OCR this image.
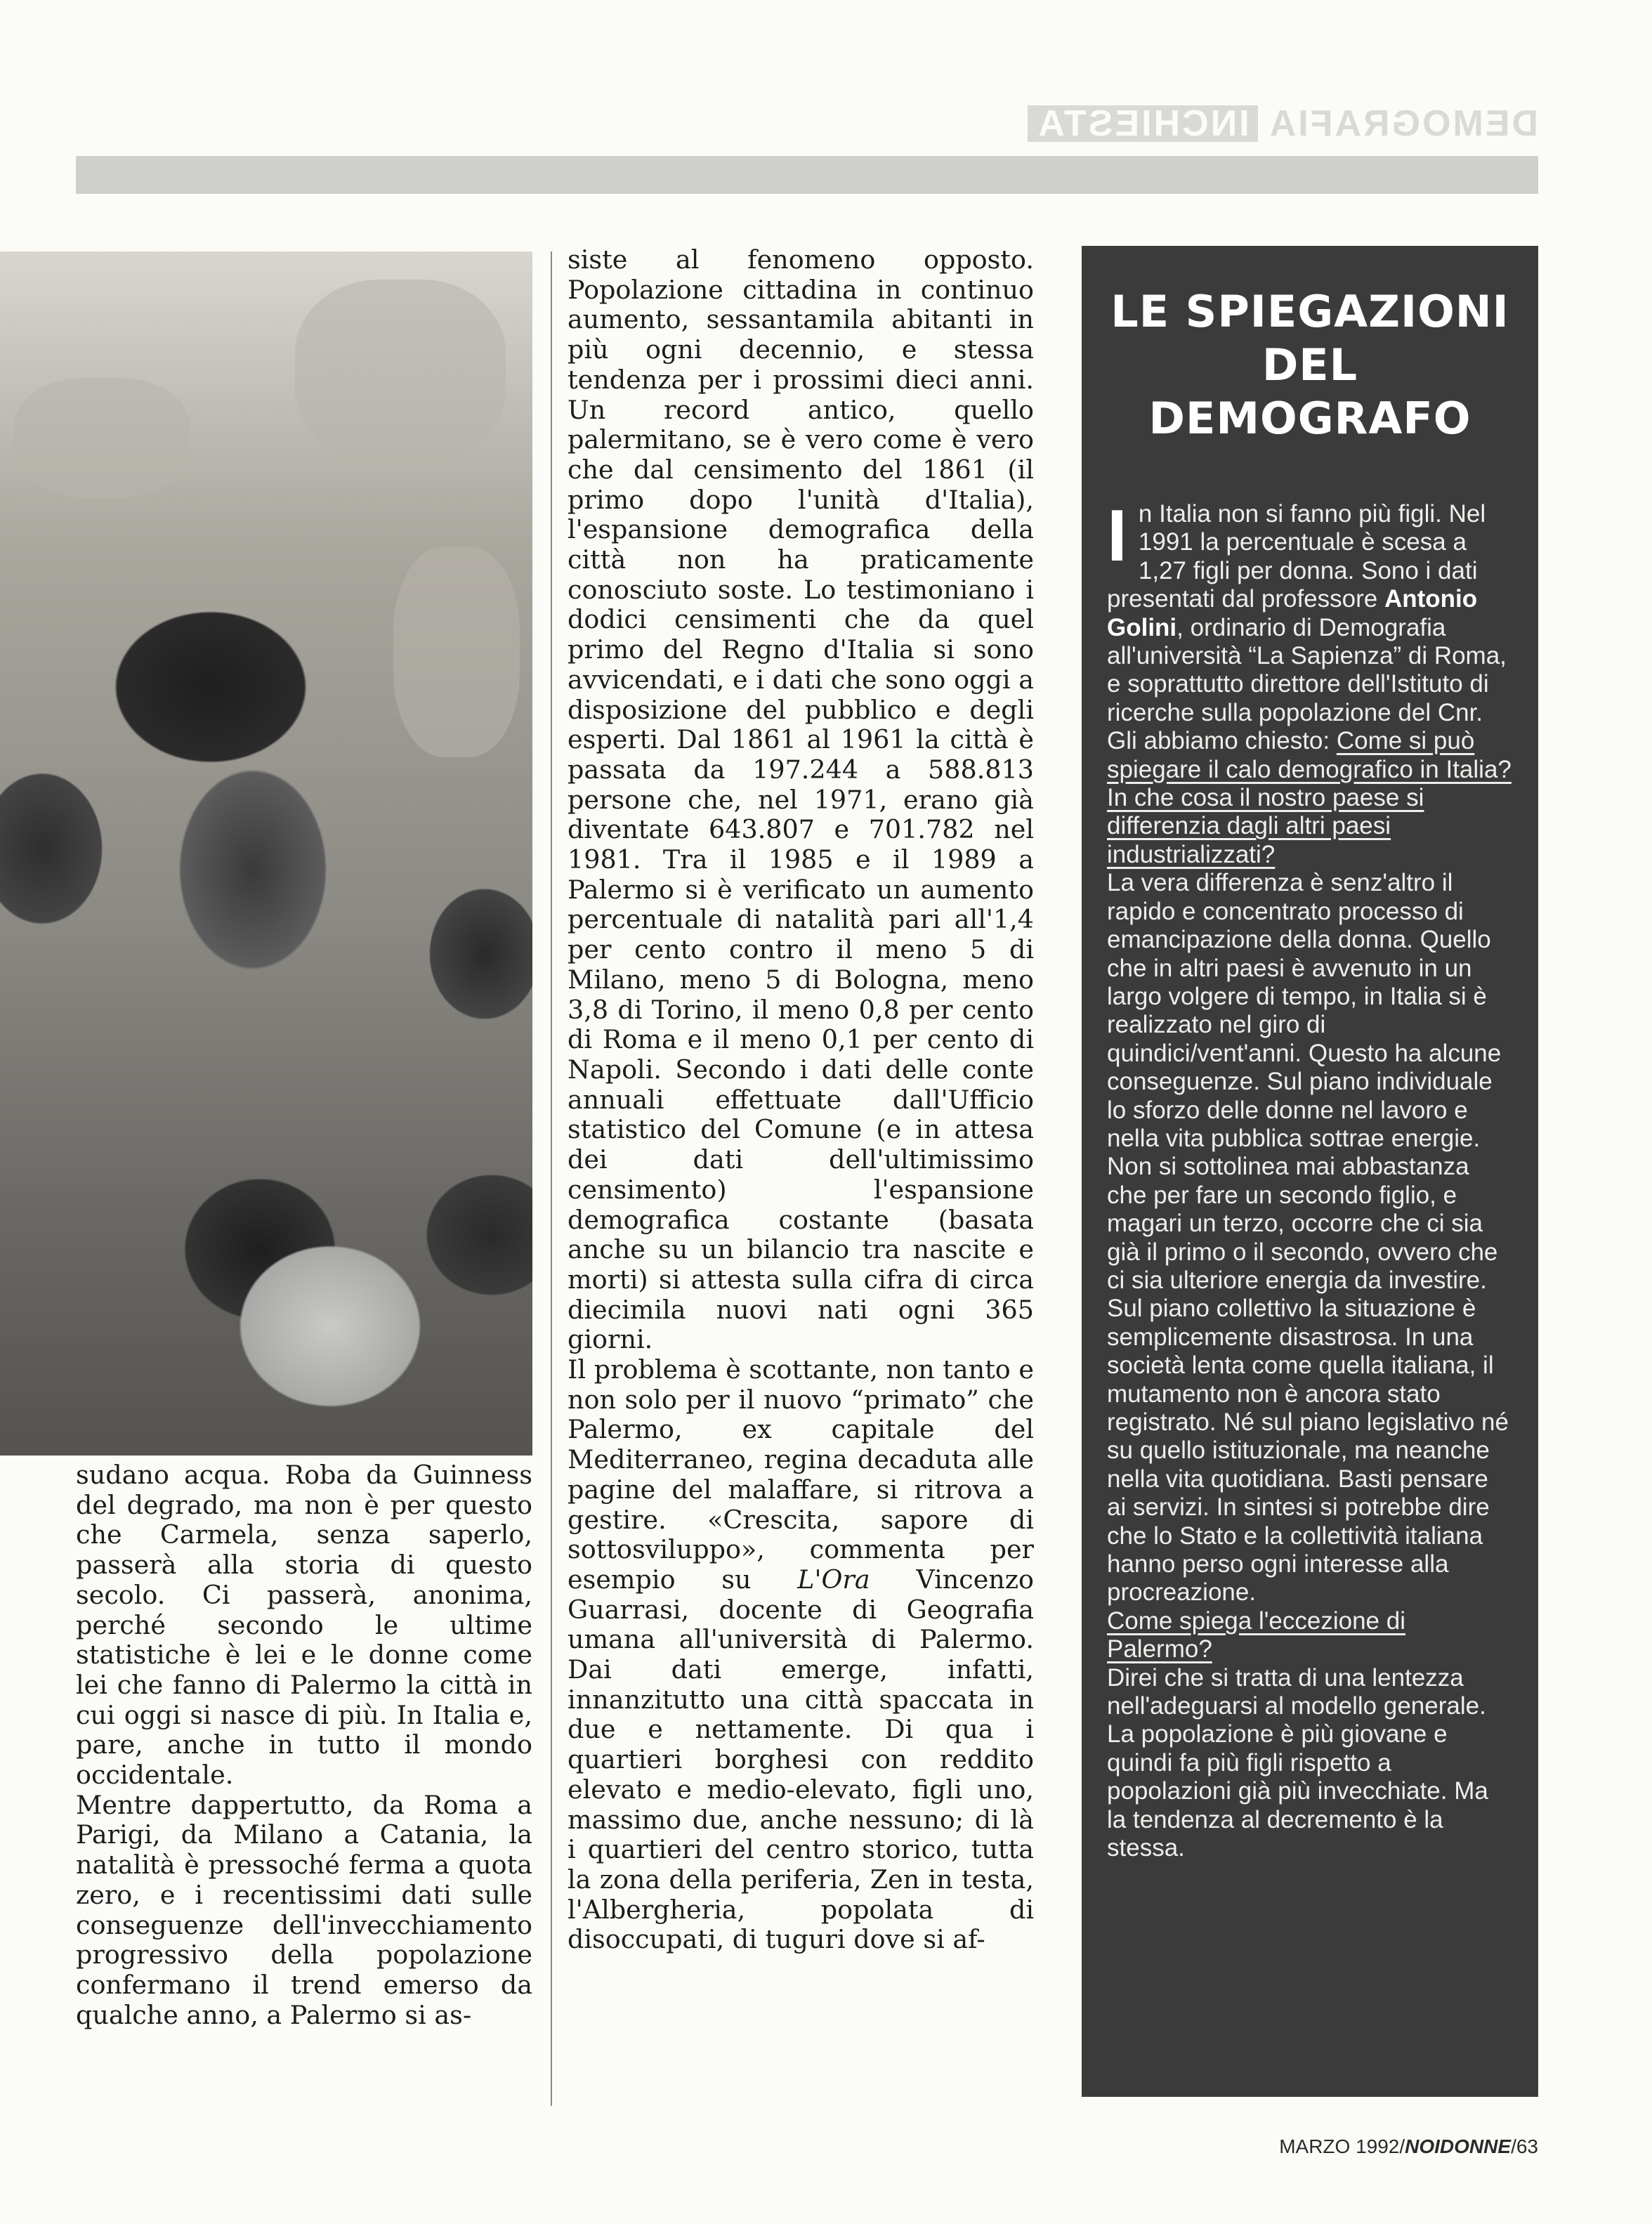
DEMOGRAFIAINCHIESTA

sudano acqua. Roba da Guinness del degrado, ma non è per questo che Carmela, senza saperlo, passerà alla storia di questo secolo. Ci passerà, anonima, perché secondo le ultime statistiche è lei e le donne come lei che fanno di Palermo la città in cui oggi si nasce di più. In Italia e, pare, anche in tutto il mondo occidentale.

Mentre dappertutto, da Roma a Parigi, da Milano a Catania, la natalità è pressoché ferma a quota zero, e i recentissimi dati sulle conseguenze dell'invecchiamento progressivo della popolazione confermano il trend emerso da qualche anno, a Palermo si as-

siste al fenomeno opposto. Popolazione cittadina in continuo aumento, sessantamila abitanti in più ogni decennio, e stessa tendenza per i prossimi dieci anni. Un record antico, quello palermitano, se è vero come è vero che dal censimento del 1861 (il primo dopo l'unità d'Italia), l'espansione demografica della città non ha praticamente conosciuto soste. Lo testimoniano i dodici censimenti che da quel primo del Regno d'Italia si sono avvicendati, e i dati che sono oggi a disposizione del pubblico e degli esperti. Dal 1861 al 1961 la città è passata da 197.244 a 588.813 persone che, nel 1971, erano già diventate 643.807 e 701.782 nel 1981. Tra il 1985 e il 1989 a Palermo si è verificato un aumento percentuale di natalità pari all'1,4 per cento contro il meno 5 di Milano, meno 5 di Bologna, meno 3,8 di Torino, il meno 0,8 per cento di Roma e il meno 0,1 per cento di Napoli. Secondo i dati delle conte annuali effettuate dall'Ufficio statistico del Comune (e in attesa dei dati dell'ultimissimo censimento) l'espansione demografica costante (basata anche su un bilancio tra nascite e morti) si attesta sulla cifra di circa diecimila nuovi nati ogni 365 giorni.

Il problema è scottante, non tanto e non solo per il nuovo “primato” che Palermo, ex capitale del Mediterraneo, regina decaduta alle pagine del malaffare, si ritrova a gestire. «Crescita, sapore di sottosviluppo», commenta per esempio su L'Ora Vincenzo Guarrasi, docente di Geografia umana all'università di Palermo. Dai dati emerge, infatti, innanzitutto una città spaccata in due e nettamente. Di qua i quartieri borghesi con reddito elevato e medio-elevato, figli uno, massimo due, anche nessuno; di là i quartieri del centro storico, tutta la zona della periferia, Zen in testa, l'Albergheria, popolata di disoccupati, di tuguri dove si af-

LE SPIEGAZIONI
DEL DEMOGRAFO

In Italia non si fanno più figli. Nel 1991 la percentuale è scesa a 1,27 figli per donna. Sono i dati presentati dal professore Antonio Golini, ordinario di Demografia all'università “La Sapienza” di Roma, e soprattutto direttore dell'Istituto di ricerche sulla popolazione del Cnr. Gli abbiamo chiesto: Come si può spiegare il calo demografico in Italia? In che cosa il nostro paese si differenzia dagli altri paesi industrializzati?

La vera differenza è senz'altro il rapido e concentrato processo di emancipazione della donna. Quello che in altri paesi è avvenuto in un largo volgere di tempo, in Italia si è realizzato nel giro di quindici/vent'anni. Questo ha alcune conseguenze. Sul piano individuale lo sforzo delle donne nel lavoro e nella vita pubblica sottrae energie. Non si sottolinea mai abbastanza che per fare un secondo figlio, e magari un terzo, occorre che ci sia già il primo o il secondo, ovvero che ci sia ulteriore energia da investire. Sul piano collettivo la situazione è semplicemente disastrosa. In una società lenta come quella italiana, il mutamento non è ancora stato registrato. Né sul piano legislativo né su quello istituzionale, ma neanche nella vita quotidiana. Basti pensare ai servizi. In sintesi si potrebbe dire che lo Stato e la collettività italiana hanno perso ogni interesse alla procreazione.

Come spiega l'eccezione di Palermo?

Direi che si tratta di una lentezza nell'adeguarsi al modello generale. La popolazione è più giovane e quindi fa più figli rispetto a popolazioni già più invecchiate. Ma la tendenza al decremento è la stessa.

MARZO 1992/NOIDONNE/63
